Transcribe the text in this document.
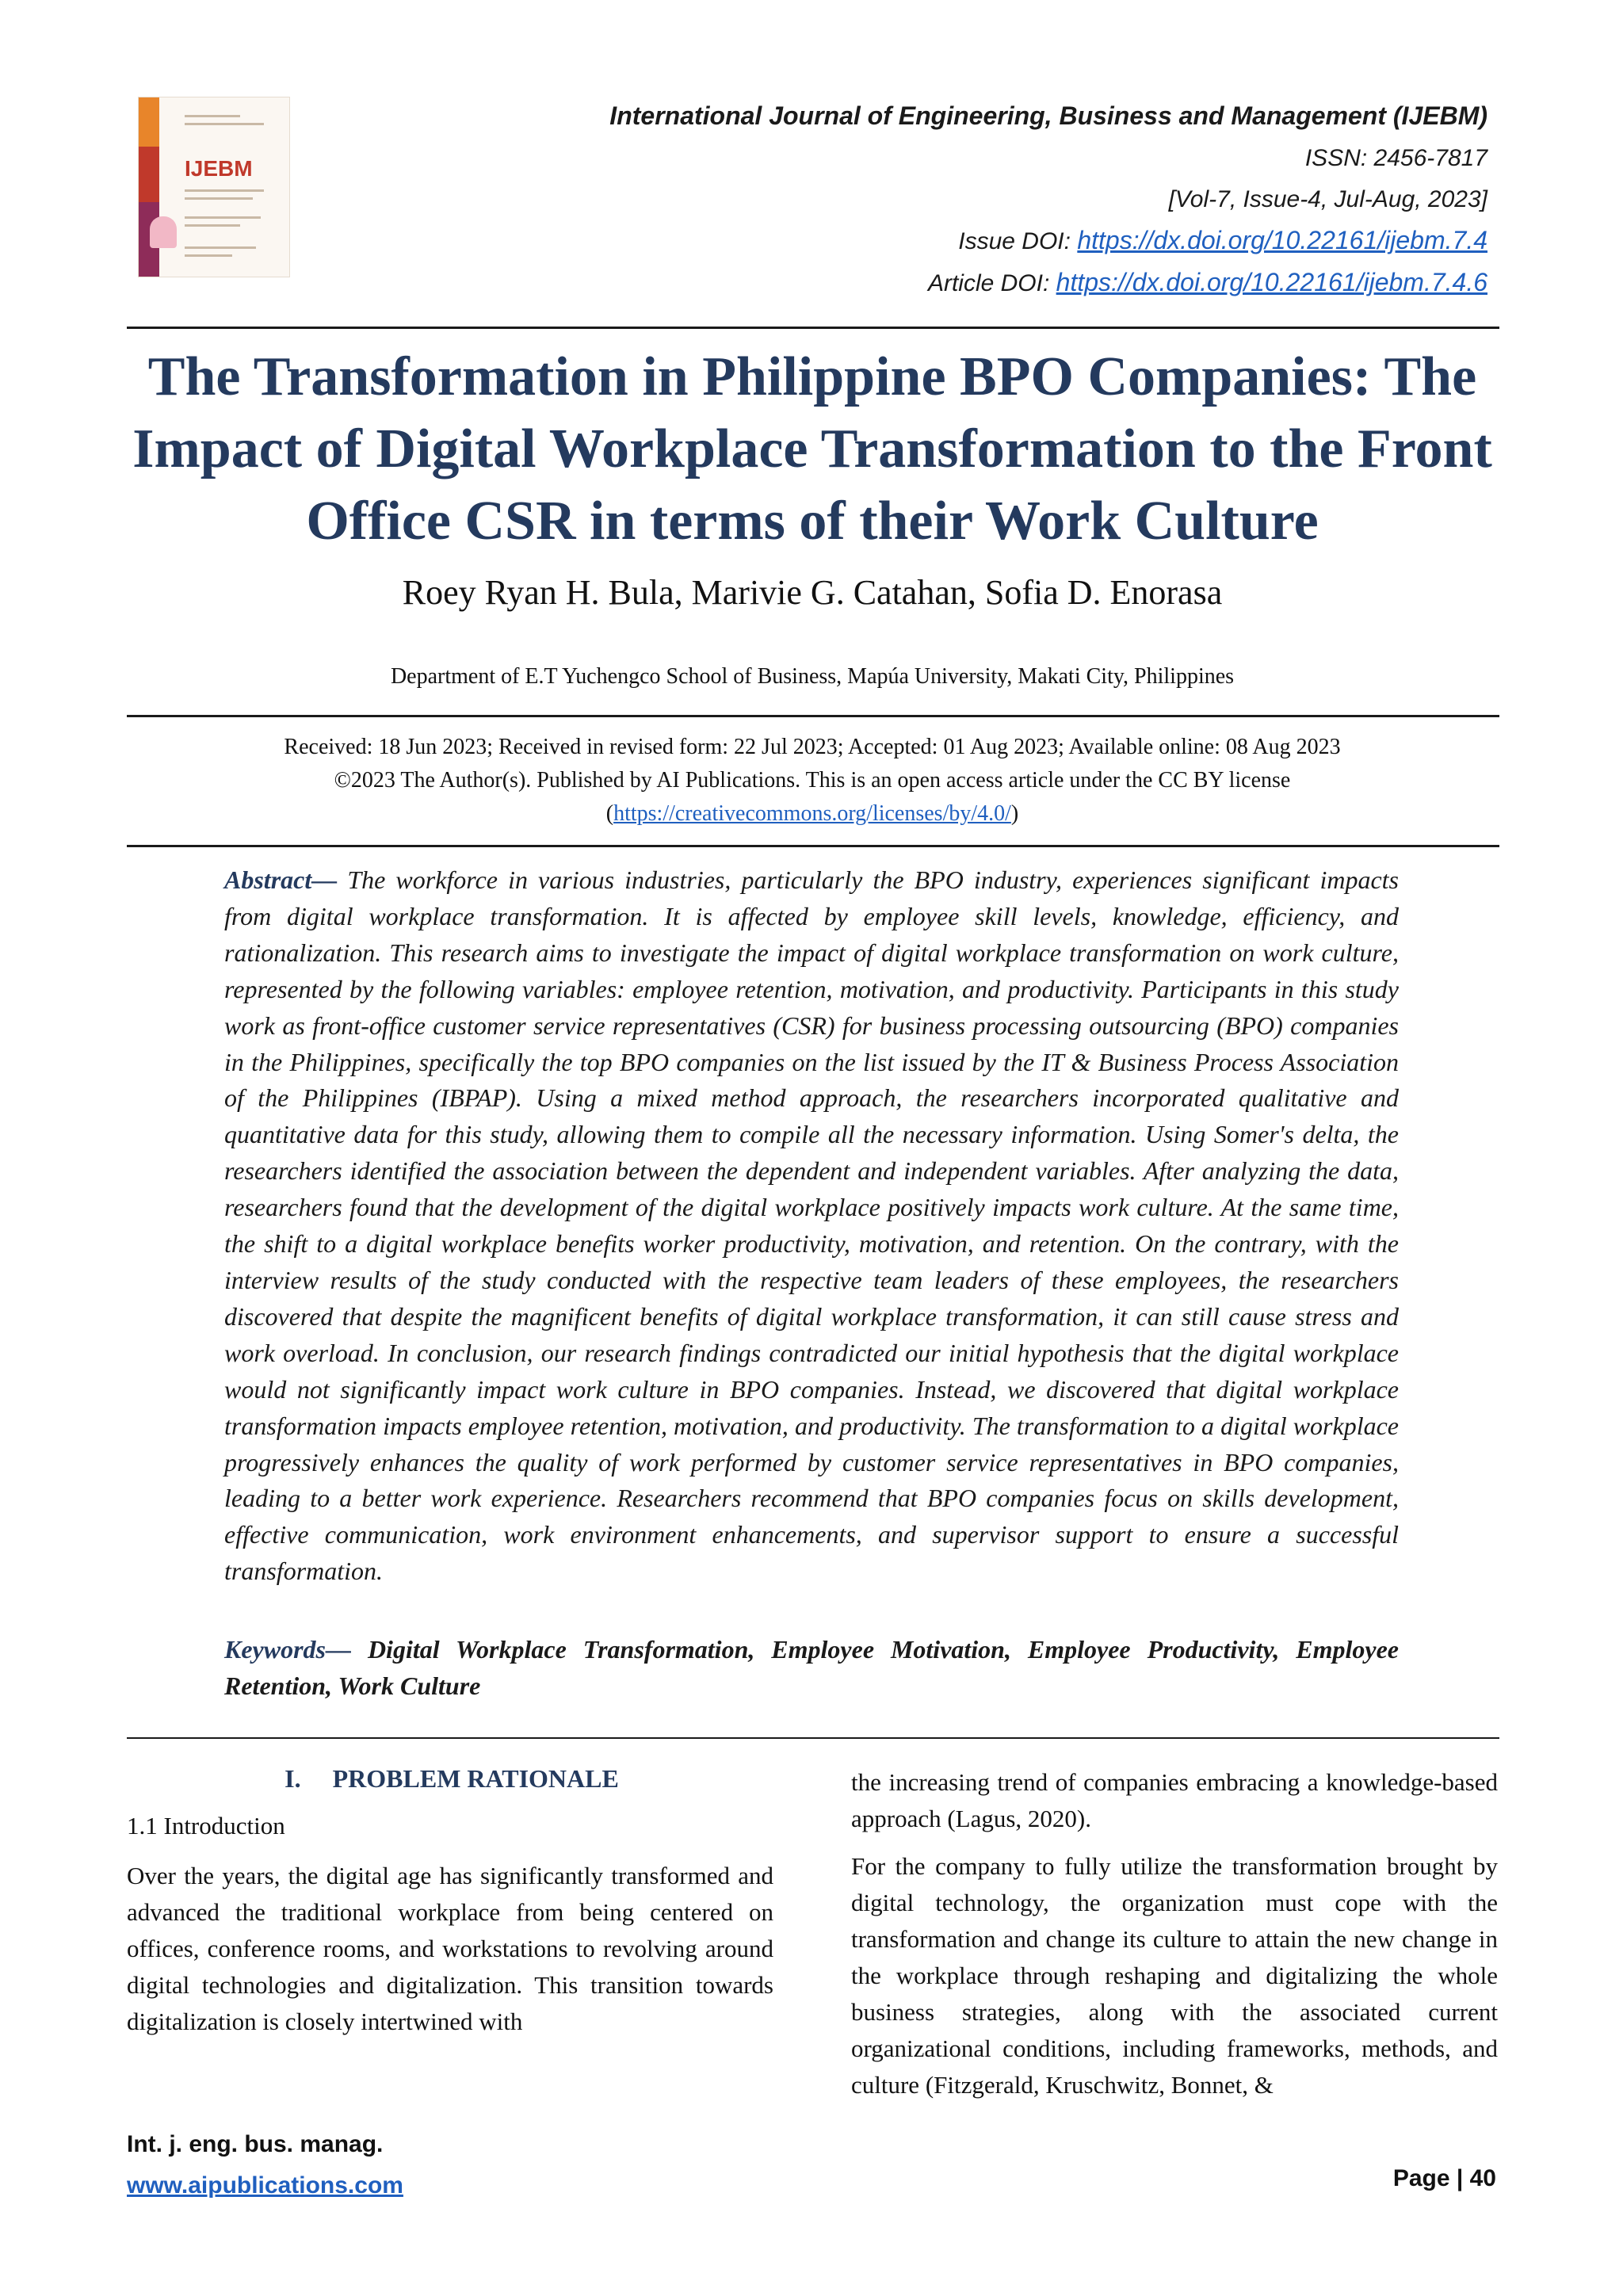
IJEBM
International Journal of Engineering, Business and Management (IJEBM)
ISSN: 2456-7817
[Vol-7, Issue-4, Jul-Aug, 2023]
Issue DOI: https://dx.doi.org/10.22161/ijebm.7.4
Article DOI: https://dx.doi.org/10.22161/ijebm.7.4.6
The Transformation in Philippine BPO Companies: The Impact of Digital Workplace Transformation to the Front Office CSR in terms of their Work Culture
Roey Ryan H. Bula, Marivie G. Catahan, Sofia D. Enorasa
Department of E.T Yuchengco School of Business, Mapúa University, Makati City, Philippines
Received: 18 Jun 2023; Received in revised form: 22 Jul 2023; Accepted: 01 Aug 2023; Available online: 08 Aug 2023
©2023 The Author(s). Published by AI Publications. This is an open access article under the CC BY license
(https://creativecommons.org/licenses/by/4.0/)
Abstract— The workforce in various industries, particularly the BPO industry, experiences significant impacts from digital workplace transformation. It is affected by employee skill levels, knowledge, efficiency, and rationalization. This research aims to investigate the impact of digital workplace transformation on work culture, represented by the following variables: employee retention, motivation, and productivity. Participants in this study work as front-office customer service representatives (CSR) for business processing outsourcing (BPO) companies in the Philippines, specifically the top BPO companies on the list issued by the IT & Business Process Association of the Philippines (IBPAP). Using a mixed method approach, the researchers incorporated qualitative and quantitative data for this study, allowing them to compile all the necessary information. Using Somer's delta, the researchers identified the association between the dependent and independent variables. After analyzing the data, researchers found that the development of the digital workplace positively impacts work culture. At the same time, the shift to a digital workplace benefits worker productivity, motivation, and retention. On the contrary, with the interview results of the study conducted with the respective team leaders of these employees, the researchers discovered that despite the magnificent benefits of digital workplace transformation, it can still cause stress and work overload. In conclusion, our research findings contradicted our initial hypothesis that the digital workplace would not significantly impact work culture in BPO companies. Instead, we discovered that digital workplace transformation impacts employee retention, motivation, and productivity. The transformation to a digital workplace progressively enhances the quality of work performed by customer service representatives in BPO companies, leading to a better work experience. Researchers recommend that BPO companies focus on skills development, effective communication, work environment enhancements, and supervisor support to ensure a successful transformation.
Keywords— Digital Workplace Transformation, Employee Motivation, Employee Productivity, Employee Retention, Work Culture
I. PROBLEM RATIONALE
1.1 Introduction

Over the years, the digital age has significantly transformed and advanced the traditional workplace from being centered on offices, conference rooms, and workstations to revolving around digital technologies and digitalization. This transition towards digitalization is closely intertwined with

the increasing trend of companies embracing a knowledge-based approach (Lagus, 2020).

For the company to fully utilize the transformation brought by digital technology, the organization must cope with the transformation and change its culture to attain the new change in the workplace through reshaping and digitalizing the whole business strategies, along with the associated current organizational conditions, including frameworks, methods, and culture (Fitzgerald, Kruschwitz, Bonnet, &

Int. j. eng. bus. manag.
www.aipublications.com	Page | 40
